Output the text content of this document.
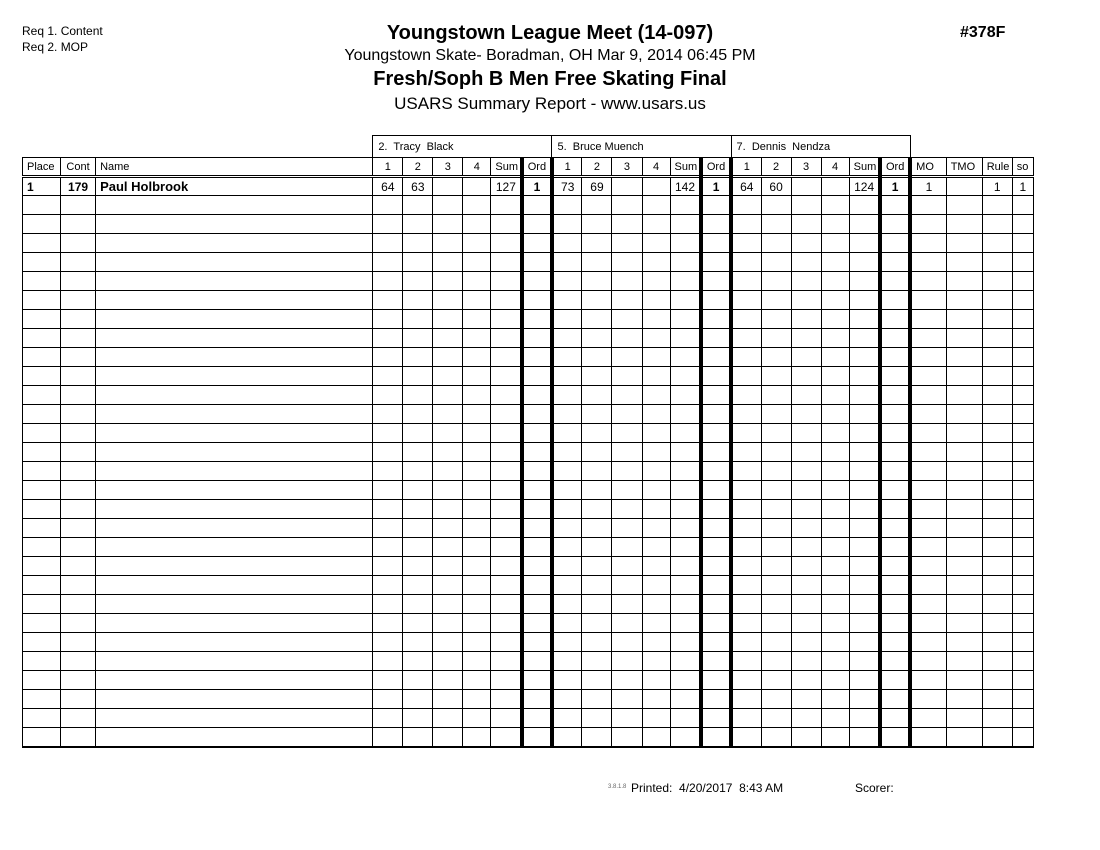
Req 1. Content
Req 2. MOP
Youngstown League Meet (14-097)
Youngstown Skate- Boradman, OH Mar 9, 2014 06:45 PM
Fresh/Soph B Men Free Skating Final
USARS Summary Report - www.usars.us
#378F
			2.  Tracy  Black						5.  Bruce Muench						7.  Dennis  Nendza									
Place	Cont	Name	1	2	3	4	Sum	Ord	1	2	3	4	Sum	Ord	1	2	3	4	Sum	Ord	MO	TMO	Rule	so
1	179	Paul Holbrook	64	63			127	1	73	69			142	1	64	60			124	1	1		1	1

3.8.1.8 Printed: 4/20/2017  8:43 AM	Scorer:
